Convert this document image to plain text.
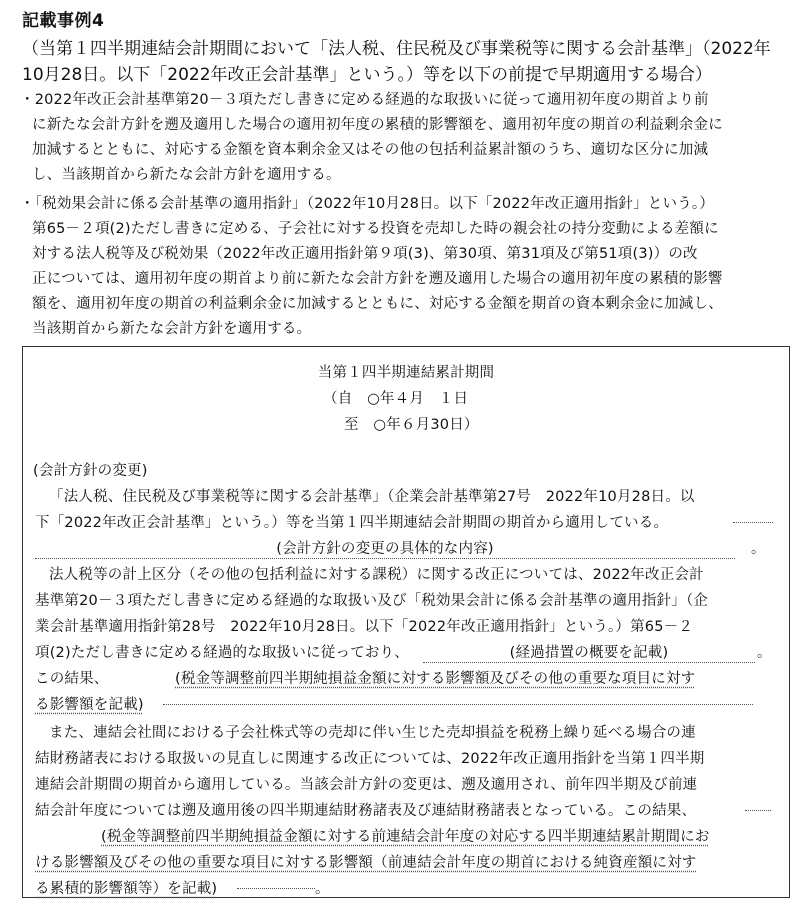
記載事例4
（当第１四半期連結会計期間において「法人税、住民税及び事業税等に関する会計基準」（2022年
10月28日。以下「2022年改正会計基準」という。）等を以下の前提で早期適用する場合）
・2022年改正会計基準第20－３項ただし書きに定める経過的な取扱いに従って適用初年度の期首より前
に新たな会計方針を遡及適用した場合の適用初年度の累積的影響額を、適用初年度の期首の利益剰余金に
加減するとともに、対応する金額を資本剰余金又はその他の包括利益累計額のうち、適切な区分に加減
し、当該期首から新たな会計方針を適用する。
・「税効果会計に係る会計基準の適用指針」（2022年10月28日。以下「2022年改正適用指針」という。）
第65－２項(2)ただし書きに定める、子会社に対する投資を売却した時の親会社の持分変動による差額に
対する法人税等及び税効果（2022年改正適用指針第９項(3)、第30項、第31項及び第51項(3)）の改
正については、適用初年度の期首より前に新たな会計方針を遡及適用した場合の適用初年度の累積的影響
額を、適用初年度の期首の利益剰余金に加減するとともに、対応する金額を期首の資本剰余金に加減し、
当第１四半期連結累計期間
（自　○年４月　１日
至　○年６月30日）
(会計方針の変更)
「法人税、住民税及び事業税等に関する会計基準」（企業会計基準第27号　2022年10月28日。以
下「2022年改正会計基準」という。）等を当第１四半期連結会計期間の期首から適用している。
(会計方針の変更の具体的な内容)	。
法人税等の計上区分（その他の包括利益に対する課税）に関する改正については、2022年改正会計
基準第20－３項ただし書きに定める経過的な取扱い及び「税効果会計に係る会計基準の適用指針」（企
業会計基準適用指針第28号　2022年10月28日。以下「2022年改正適用指針」という。）第65－２
項(2)ただし書きに定める経過的な取扱いに従っており、	(経過措置の概要を記載)	。
この結果、	(税金等調整前四半期純損益金額に対する影響額及びその他の重要な項目に対す
る影響額を記載)
また、連結会社間における子会社株式等の売却に伴い生じた売却損益を税務上繰り延べる場合の連
結財務諸表における取扱いの見直しに関連する改正については、2022年改正適用指針を当第１四半期
連結会計期間の期首から適用している。当該会計方針の変更は、遡及適用され、前年四半期及び前連
結会計年度については遡及適用後の四半期連結財務諸表及び連結財務諸表となっている。この結果、
(税金等調整前四半期純損益金額に対する前連結会計年度の対応する四半期連結累計期間にお
ける影響額及びその他の重要な項目に対する影響額（前連結会計年度の期首における純資産額に対す
る累積的影響額等）を記載)	。
当該期首から新たな会計方針を適用する。
